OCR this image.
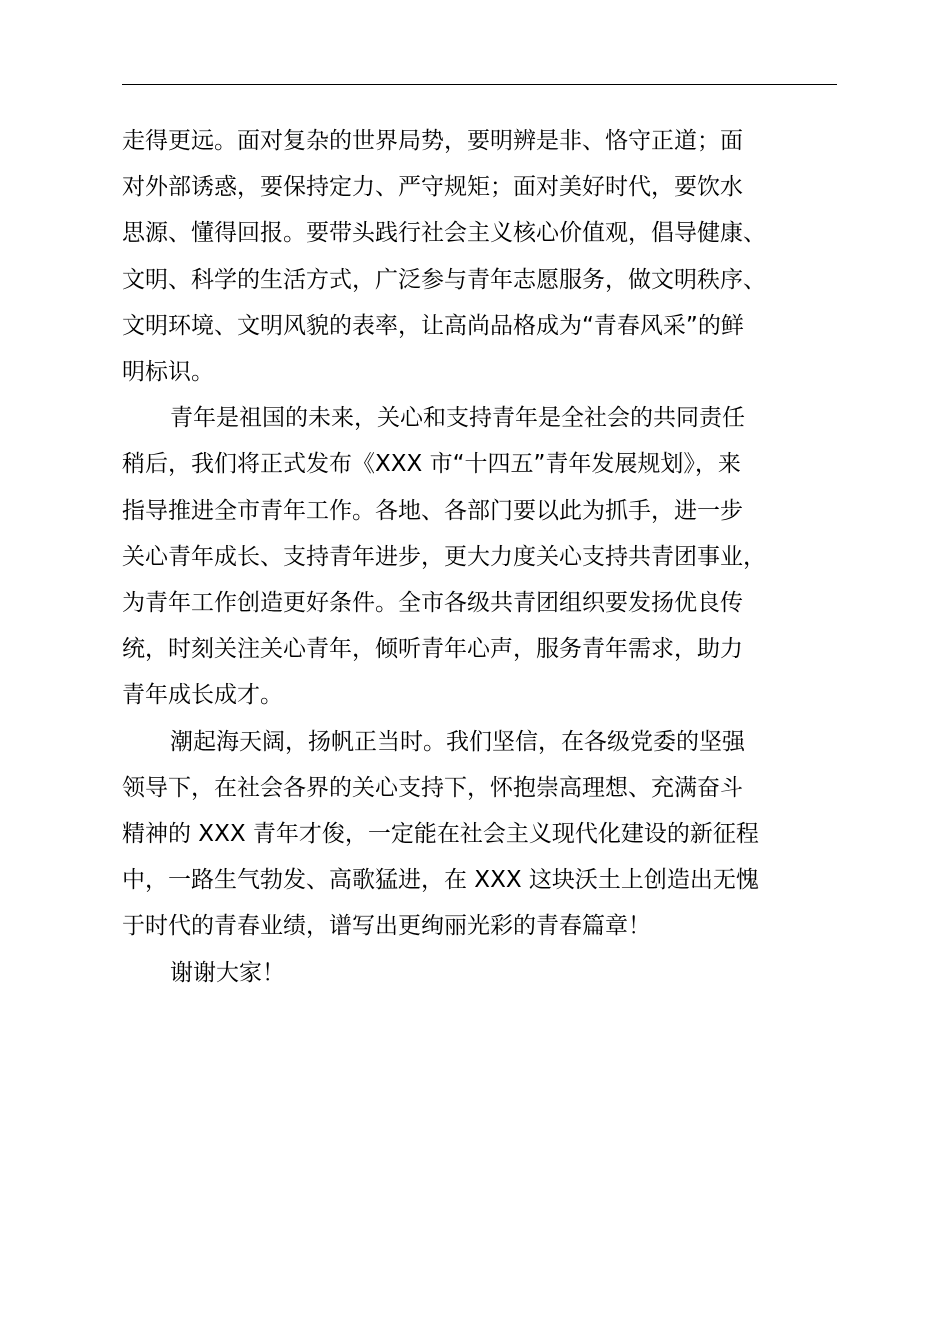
走得更远。面对复杂的世界局势，要明辨是非、恪守正道；面
对外部诱惑，要保持定力、严守规矩；面对美好时代，要饮水
思源、懂得回报。要带头践行社会主义核心价值观，倡导健康、
文明、科学的生活方式，广泛参与青年志愿服务，做文明秩序、
文明环境、文明风貌的表率，让高尚品格成为“青春风采”的鲜
明标识。

青年是祖国的未来，关心和支持青年是全社会的共同责任
稍后，我们将正式发布《XXX 市“十四五”青年发展规划》，来
指导推进全市青年工作。各地、各部门要以此为抓手，进一步
关心青年成长、支持青年进步，更大力度关心支持共青团事业，
为青年工作创造更好条件。全市各级共青团组织要发扬优良传
统，时刻关注关心青年，倾听青年心声，服务青年需求，助力
青年成长成才。

潮起海天阔，扬帆正当时。我们坚信，在各级党委的坚强
领导下，在社会各界的关心支持下，怀抱崇高理想、充满奋斗
精神的 XXX 青年才俊，一定能在社会主义现代化建设的新征程
中，一路生气勃发、高歌猛进，在 XXX 这块沃土上创造出无愧
于时代的青春业绩，谱写出更绚丽光彩的青春篇章！

谢谢大家！
